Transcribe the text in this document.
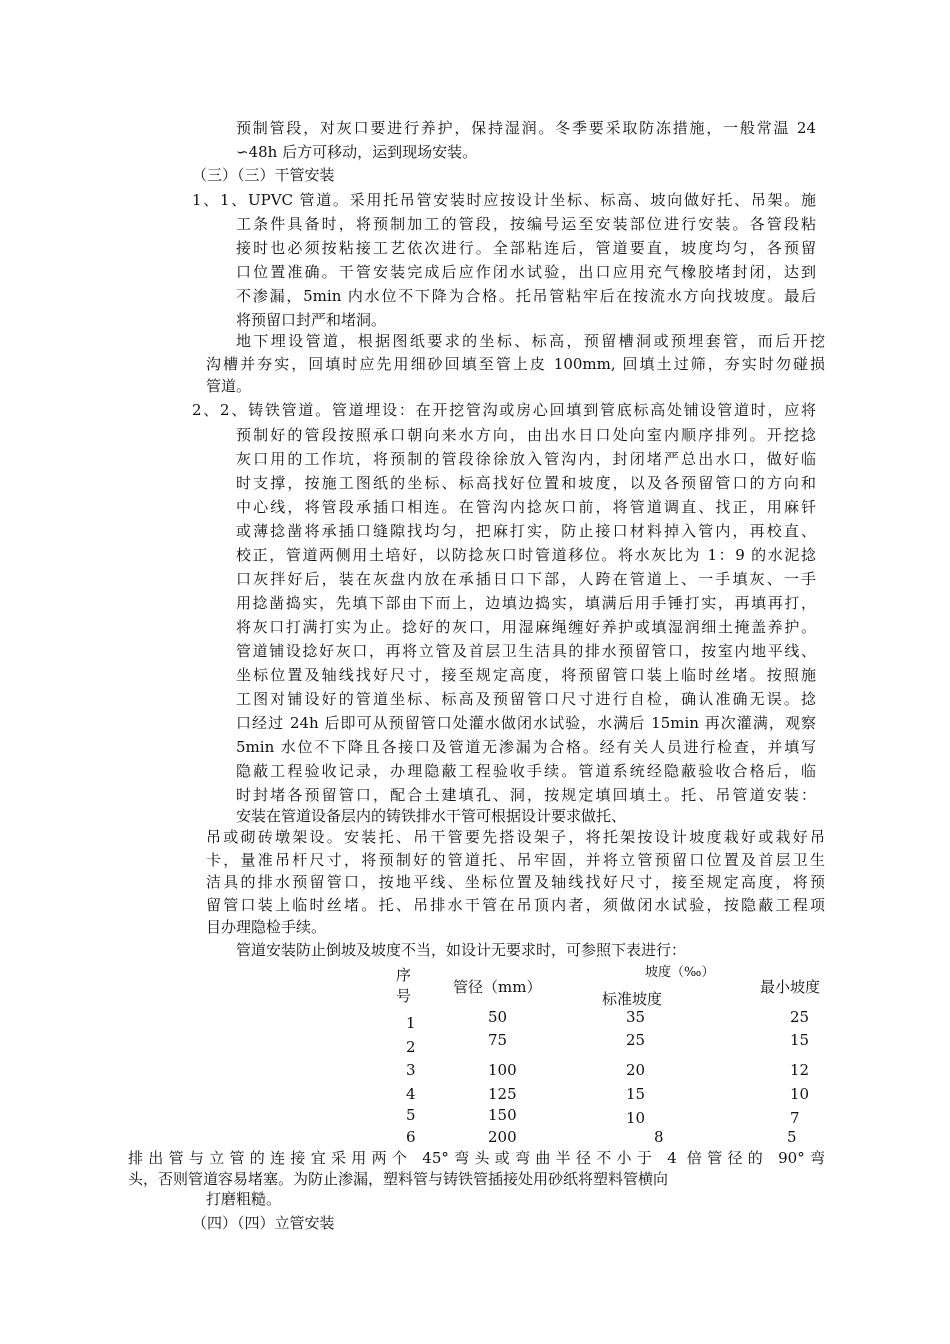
预制管段，对灰口要进行养护，保持湿润。冬季要采取防冻措施，一般常温 24
∽48h 后方可移动，运到现场安装。
（三）（三）干管安装
1、1、UPVC 管道。采用托吊管安装时应按设计坐标、标高、坡向做好托、吊架。施
工条件具备时，将预制加工的管段，按编号运至安装部位进行安装。各管段粘
接时也必须按粘接工艺依次进行。全部粘连后，管道要直，坡度均匀，各预留
口位置准确。干管安装完成后应作闭水试验，出口应用充气橡胶堵封闭，达到
不渗漏，5min 内水位不下降为合格。托吊管粘牢后在按流水方向找坡度。最后
将预留口封严和堵洞。
地下埋设管道，根据图纸要求的坐标、标高，预留槽洞或预埋套管，而后开挖
沟槽并夯实，回填时应先用细砂回填至管上皮 100mm, 回填土过筛，夯实时勿碰损
管道。
2、2、铸铁管道。管道埋设：在开挖管沟或房心回填到管底标高处铺设管道时，应将
预制好的管段按照承口朝向来水方向，由出水日口处向室内顺序排列。开挖捻
灰口用的工作坑，将预制的管段徐徐放入管沟内，封闭堵严总出水口，做好临
时支撑，按施工图纸的坐标、标高找好位置和坡度，以及各预留管口的方向和
中心线，将管段承插口相连。在管沟内捻灰口前，将管道调直、找正，用麻钎
或薄捻凿将承插口缝隙找均匀，把麻打实，防止接口材料掉入管内，再校直、
校正，管道两侧用土培好，以防捻灰口时管道移位。将水灰比为 1：9 的水泥捻
口灰拌好后，装在灰盘内放在承插日口下部，人跨在管道上、一手填灰、一手
用捻凿捣实，先填下部由下而上，边填边捣实，填满后用手锤打实，再填再打，
将灰口打满打实为止。捻好的灰口，用湿麻绳缠好养护或填湿润细土掩盖养护。
管道铺设捻好灰口，再将立管及首层卫生洁具的排水预留管口，按室内地平线、
坐标位置及轴线找好尺寸，接至规定高度，将预留管口装上临时丝堵。按照施
工图对铺设好的管道坐标、标高及预留管口尺寸进行自检，确认准确无误。捻
口经过 24h 后即可从预留管口处灌水做闭水试验，水满后 15min 再次灌满，观察
5min 水位不下降且各接口及管道无渗漏为合格。经有关人员进行检查，并填写
隐蔽工程验收记录，办理隐蔽工程验收手续。管道系统经隐蔽验收合格后，临
时封堵各预留管口，配合土建填孔、洞，按规定填回填土。托、吊管道安装：
安装在管道设备层内的铸铁排水干管可根据设计要求做托、
吊或砌砖墩架设。安装托、吊干管要先搭设架子，将托架按设计坡度栽好或栽好吊
卡，量准吊杆尺寸，将预制好的管道托、吊牢固，并将立管预留口位置及首层卫生
洁具的排水预留管口，按地平线、坐标位置及轴线找好尺寸，接至规定高度，将预
留管口装上临时丝堵。托、吊排水干管在吊顶内者，须做闭水试验，按隐蔽工程项
目办理隐检手续。
管道安装防止倒坡及坡度不当，如设计无要求时，可参照下表进行：
序
号	管径（mm）
坡度（‰）
标准坡度
最小坡度
1	50	35	25
2	75	25	15
3	100	20	12
4	125	15	10
5	150	10	7
6	200	8	5
排出管与立管的连接宜采用两个 45°弯头或弯曲半径不小于 4 倍管径的 90°弯
头，否则管道容易堵塞。为防止渗漏，塑料管与铸铁管插接处用砂纸将塑料管横向
打磨粗糙。
（四）（四）立管安装
